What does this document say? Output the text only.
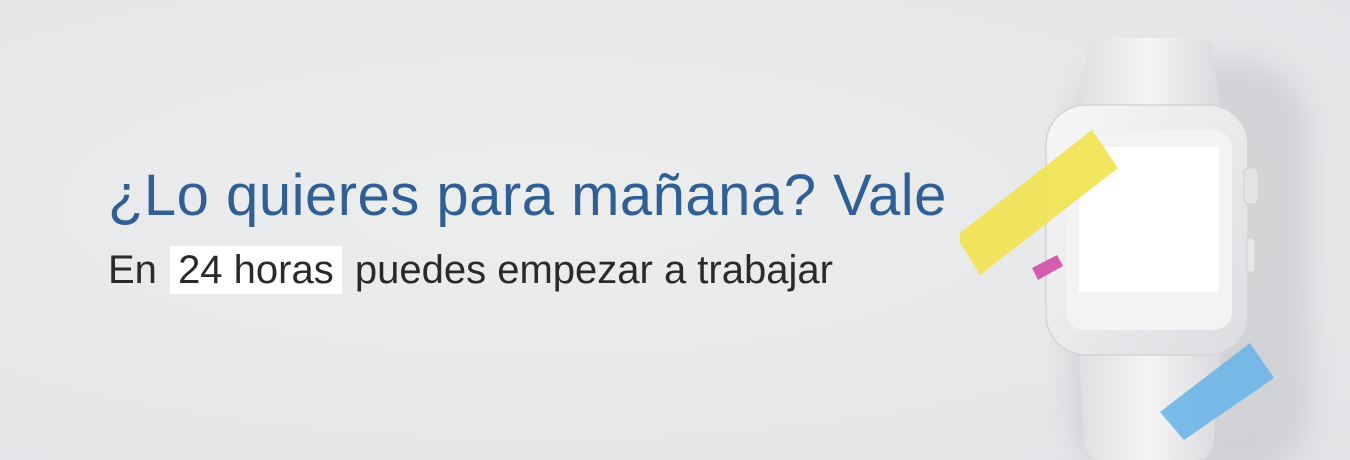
¿Lo quieres para mañana? Vale
En 24 horas puedes empezar a trabajar
